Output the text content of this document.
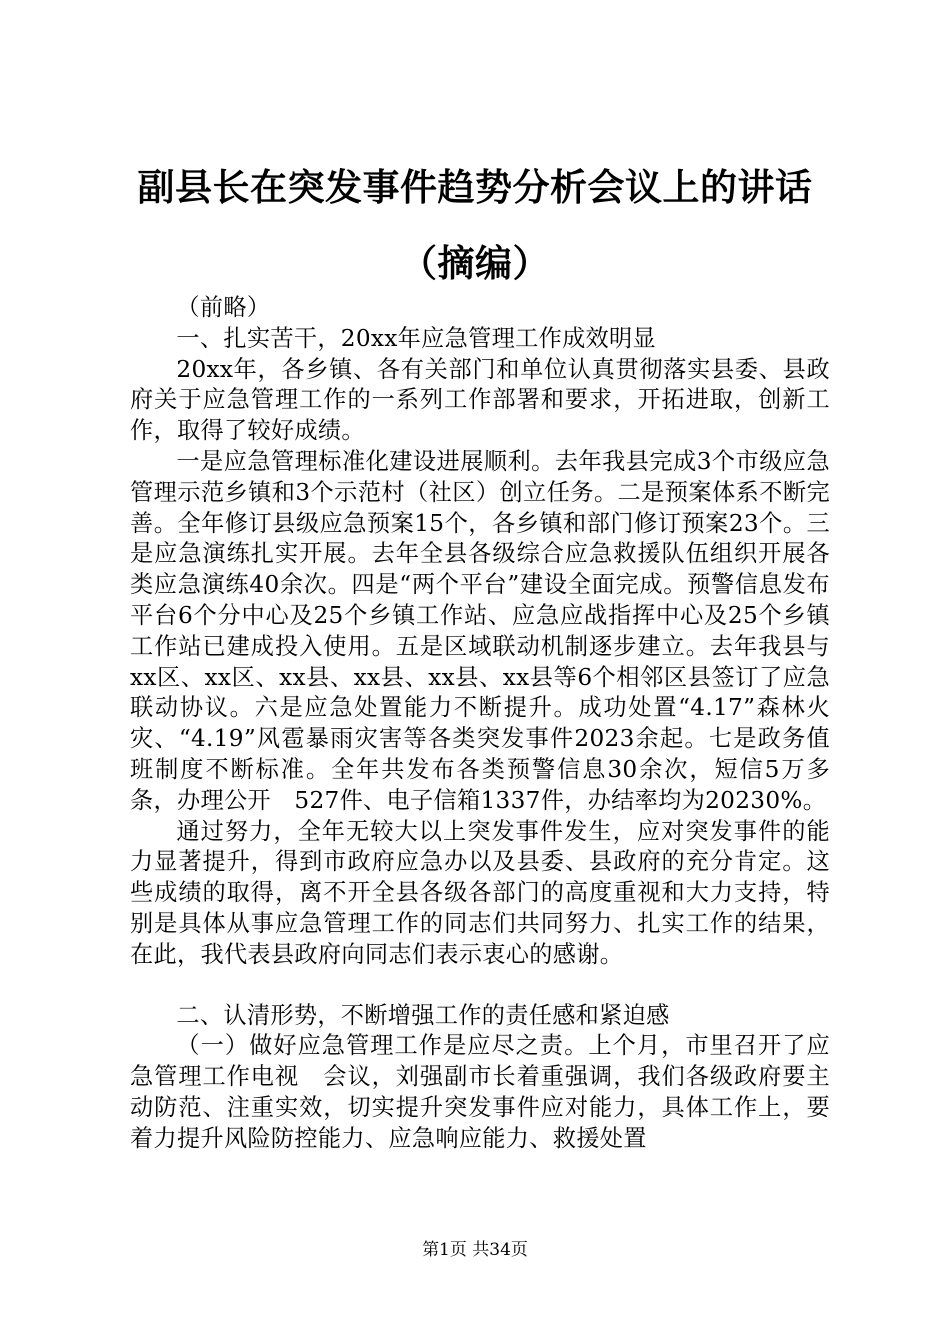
副县长在突发事件趋势分析会议上的讲话（摘编）

（前略）

一、扎实苦干，20xx年应急管理工作成效明显

20xx年，各乡镇、各有关部门和单位认真贯彻落实县委、县政府关于应急管理工作的一系列工作部署和要求，开拓进取，创新工作，取得了较好成绩。

一是应急管理标准化建设进展顺利。去年我县完成3个市级应急管理示范乡镇和3个示范村（社区）创立任务。二是预案体系不断完善。全年修订县级应急预案15个，各乡镇和部门修订预案23个。三是应急演练扎实开展。去年全县各级综合应急救援队伍组织开展各类应急演练40余次。四是“两个平台”建设全面完成。预警信息发布平台6个分中心及25个乡镇工作站、应急应战指挥中心及25个乡镇工作站已建成投入使用。五是区域联动机制逐步建立。去年我县与xx区、xx区、xx县、xx县、xx县、xx县等6个相邻区县签订了应急联动协议。六是应急处置能力不断提升。成功处置“4.17”森林火灾、“4.19”风雹暴雨灾害等各类突发事件2023余起。七是政务值班制度不断标准。全年共发布各类预警信息30余次，短信5万多条，办理公开　527件、电子信箱1337件，办结率均为20230%。

通过努力，全年无较大以上突发事件发生，应对突发事件的能力显著提升，得到市政府应急办以及县委、县政府的充分肯定。这些成绩的取得，离不开全县各级各部门的高度重视和大力支持，特别是具体从事应急管理工作的同志们共同努力、扎实工作的结果，在此，我代表县政府向同志们表示衷心的感谢。

二、认清形势，不断增强工作的责任感和紧迫感

（一）做好应急管理工作是应尽之责。上个月，市里召开了应急管理工作电视　会议，刘强副市长着重强调，我们各级政府要主动防范、注重实效，切实提升突发事件应对能力，具体工作上，要着力提升风险防控能力、应急响应能力、救援处置

第1页 共34页
